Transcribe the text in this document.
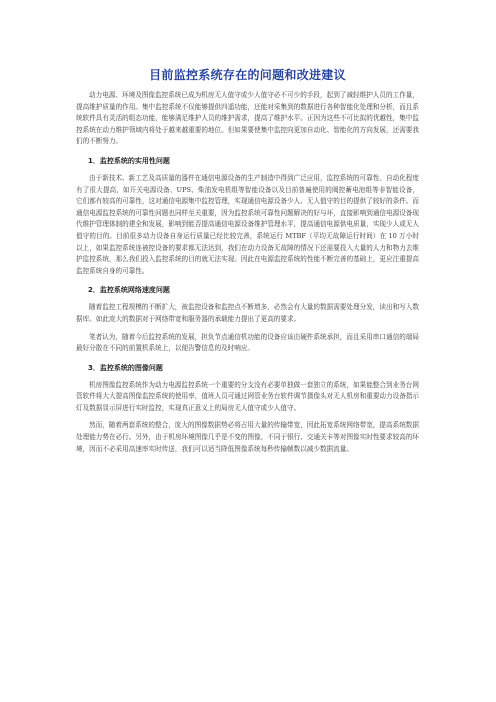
目前监控系统存在的问题和改进建议

动力电源、环境及图像监控系统已成为机房无人值守或少人值守必不可少的手段，起到了减轻维护人员的工作量，提高维护质量的作用。集中监控系统不仅能够提供四遥功能，还能对采集到的数据进行各种智能化处理和分析，而且系统软件具有灵活的组态功能，能够满足维护人员的维护需求，提高了维护水平。正因为这些不可比拟的优越性，集中监控系统在动力维护领域内将处于越来越重要的地位。但如果要使集中监控向更加自动化、智能化的方向发展，还需要我们的不断努力。

1．监控系统的实用性问题

由于新技术、新工艺及高质量的器件在通信电源设备的生产制造中得到广泛应用，监控系统的可靠性、自动化程度有了很大提高，如开关电源设备、UPS、柴油发电机组等智能设备以及目前普遍使用的阀控蓄电池组等非智能设备，它们都有较高的可靠性，这对通信电源集中监控管理，实现通信电源设备少人、无人值守的目的提供了较好的条件。而通信电源监控系统的可靠性问题也同样至关重要，因为监控系统可靠性问题解决的好与坏，直接影响到通信电源设备现代维护管理体制的建全和发展，影响到能否提高通信电源设备维护管理水平，提高通信电源供电质量，实现少人或无人值守的目的。目前很多动力设备自身运行质量已经比较完善，系统运行 MTBF（平均无故障运行时间）在 10 万小时以上，如果监控系统连被控设备的要求都无法达到，我们在动力设备无故障的情况下还需要投入大量的人力和物力去维护监控系统，那么我们投入监控系统的目的就无法实现。因此在电源监控系统的性能不断完善的基础上，更应注重提高监控系统自身的可靠性。

2．监控系统网络速度问题

随着监控工程规模的不断扩大，被监控设备和监控点不断增多，必然会有大量的数据需要处理分发，读出和写入数据库。如此庞大的数据对于网络带宽和服务器的承载能力提出了更高的要求。

笔者认为，随着今后监控系统的发展，担负节点通信机功能的设备应该由硬件系统承担，而且采用串口通信的端局最好分散在不同的前置机系统上，以便告警信息的及时响应。

3．监控系统的图像问题

机房图像监控系统作为动力电源监控系统一个重要的分支没有必要单独做一套独立的系统，如果能整合到业务台网管软件将大大提高图像监控系统的使用率，值班人员可通过网管业务台软件调节摄像头对无人机房和重要动力设备指示灯及数据显示屏进行实时监控，实现真正意义上的局房无人值守或少人值守。

然而，随着两套系统的整合，庞大的图像数据势必将占用大量的传输带宽，因此拓宽系统网络带宽，提高系统数据处理能力势在必行。另外，由于机房环境图像几乎是不变的图像，不同于银行、交通关卡等对图像实时性要求较高的环境，因而不必采用高速率实时传送，我们可以适当降低图像系统每秒传输帧数以减少数据流量。
